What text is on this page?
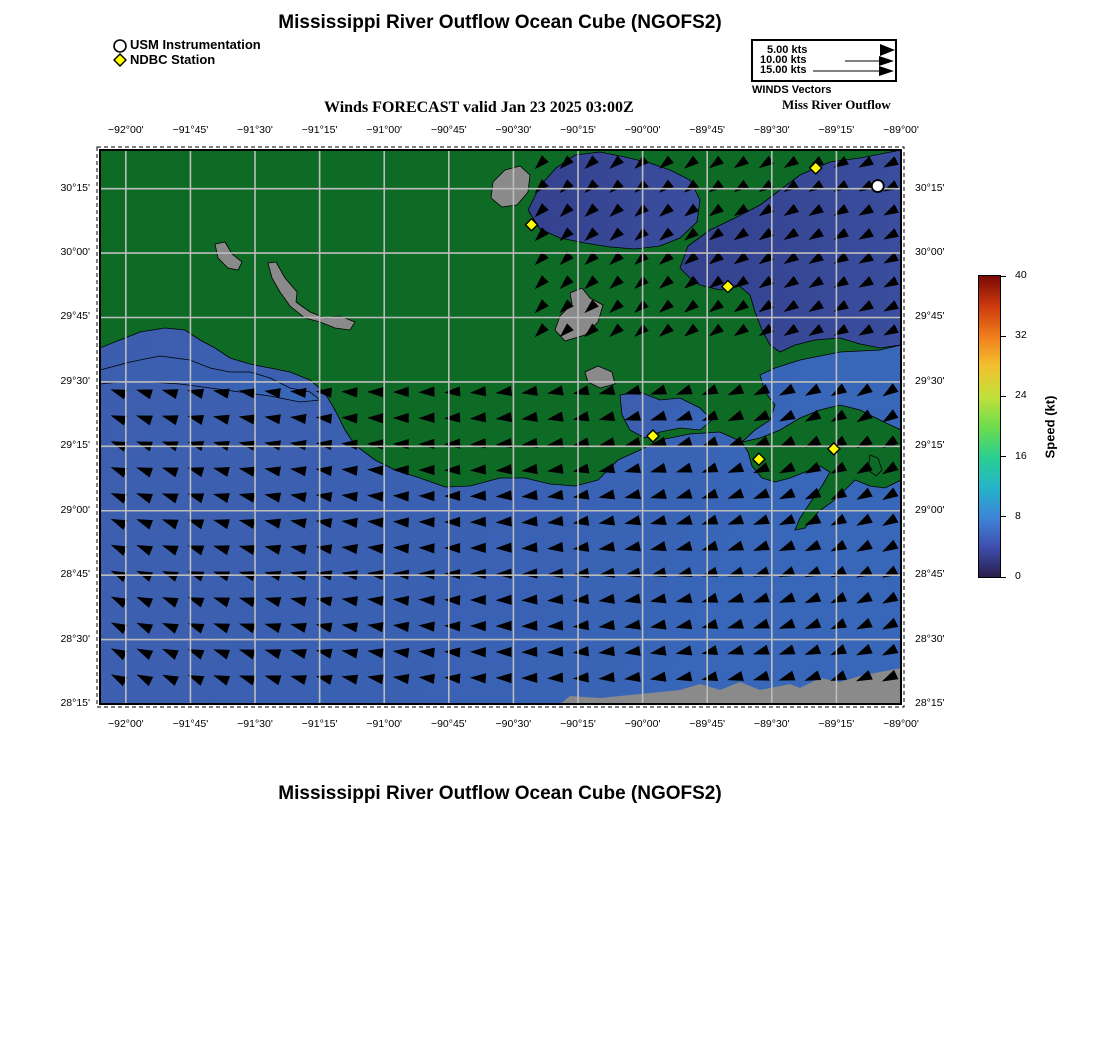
Mississippi River Outflow Ocean Cube (NGOFS2)
USM Instrumentation
NDBC Station
5.00 kts
10.00 kts
15.00 kts
WINDS Vectors
Winds FORECAST valid Jan 23 2025 03:00Z	Miss River Outflow
−92°00'	−91°45'	−91°30'	−91°15'	−91°00'	−90°45'	−90°30'	−90°15'	−90°00'	−89°45'	−89°30'	−89°15'	−89°00'
−92°00'	−91°45'	−91°30'	−91°15'	−91°00'	−90°45'	−90°30'	−90°15'	−90°00'	−89°45'	−89°30'	−89°15'	−89°00'
30°15'
30°00'
29°45'
29°30'
29°15'
29°00'
28°45'
28°30'
28°15'
30°15'
30°00'
29°45'
29°30'
29°15'
29°00'
28°45'
28°30'
28°15'
40
32
24
16
8
0
Speed (kt)
Mississippi River Outflow Ocean Cube (NGOFS2)
